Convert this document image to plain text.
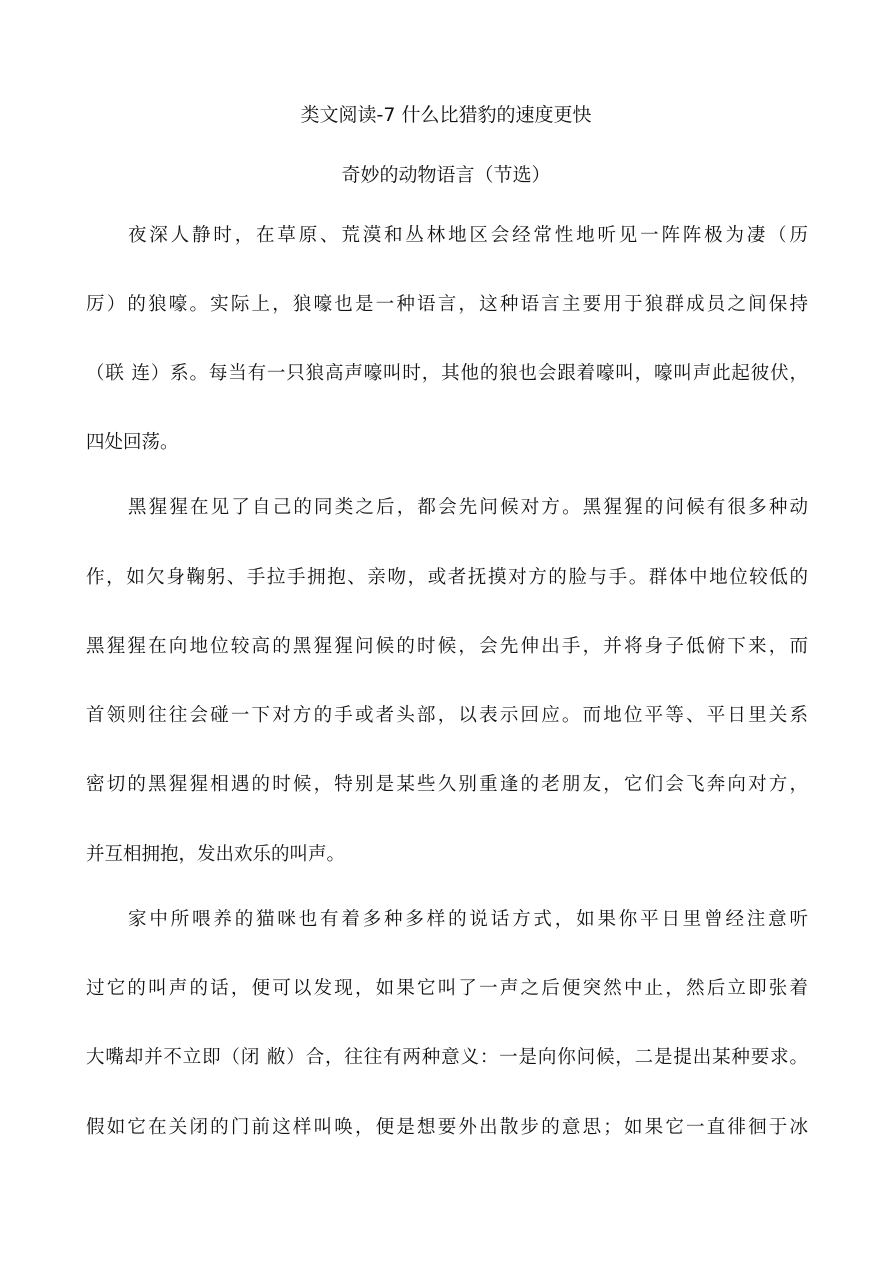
类文阅读-7 什么比猎豹的速度更快
奇妙的动物语言（节选）

夜深人静时，在草原、荒漠和丛林地区会经常性地听见一阵阵极为凄（历

厉）的狼嚎。实际上，狼嚎也是一种语言，这种语言主要用于狼群成员之间保持

（联 连）系。每当有一只狼高声嚎叫时，其他的狼也会跟着嚎叫，嚎叫声此起彼伏，

四处回荡。

黑猩猩在见了自己的同类之后，都会先问候对方。黑猩猩的问候有很多种动

作，如欠身鞠躬、手拉手拥抱、亲吻，或者抚摸对方的脸与手。群体中地位较低的

黑猩猩在向地位较高的黑猩猩问候的时候，会先伸出手，并将身子低俯下来，而

首领则往往会碰一下对方的手或者头部，以表示回应。而地位平等、平日里关系

密切的黑猩猩相遇的时候，特别是某些久别重逢的老朋友，它们会飞奔向对方，

并互相拥抱，发出欢乐的叫声。

家中所喂养的猫咪也有着多种多样的说话方式，如果你平日里曾经注意听

过它的叫声的话，便可以发现，如果它叫了一声之后便突然中止，然后立即张着

大嘴却并不立即（闭 敝）合，往往有两种意义：一是向你问候，二是提出某种要求。

假如它在关闭的门前这样叫唤，便是想要外出散步的意思；如果它一直徘徊于冰
